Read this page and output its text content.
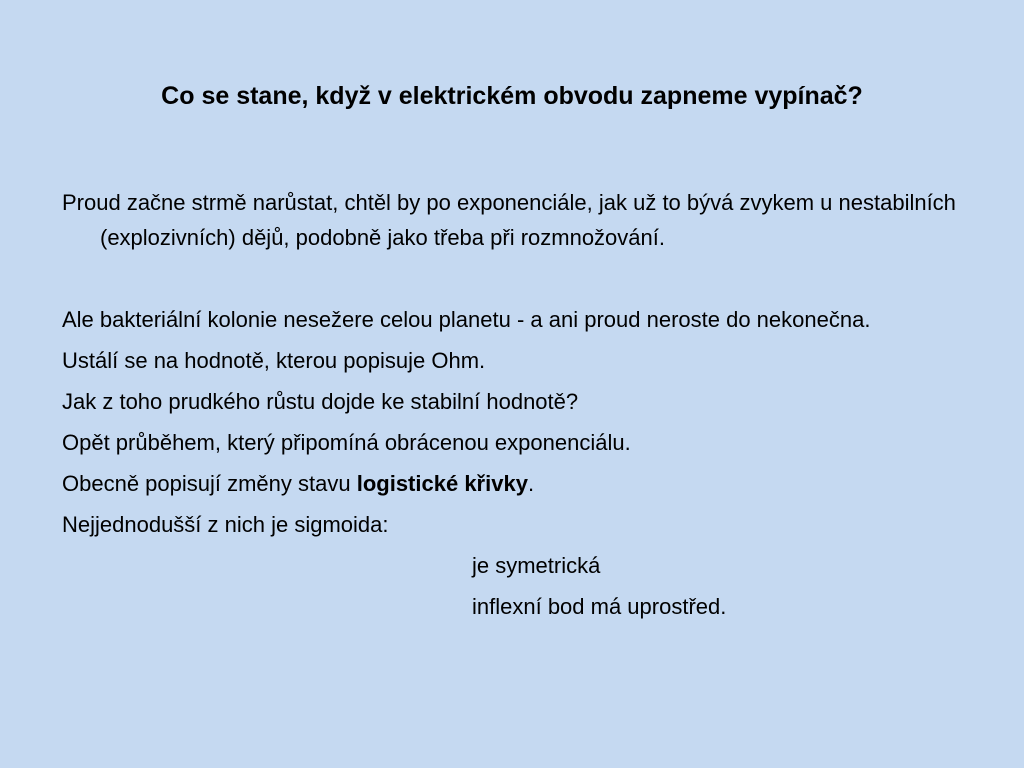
Co se stane, když v elektrickém obvodu zapneme vypínač?

Proud začne strmě narůstat, chtěl by po exponenciále, jak už to bývá zvykem u nestabilních (explozivních) dějů, podobně jako třeba při rozmnožování.

Ale bakteriální kolonie nesežere celou planetu - a ani proud neroste do nekonečna.

Ustálí se na hodnotě, kterou popisuje Ohm.

Jak z toho prudkého růstu dojde ke stabilní hodnotě?

Opět průběhem, který připomíná obrácenou exponenciálu.

Obecně popisují změny stavu logistické křivky.

Nejjednodušší z nich je sigmoida:

je symetrická

inflexní bod má uprostřed.
